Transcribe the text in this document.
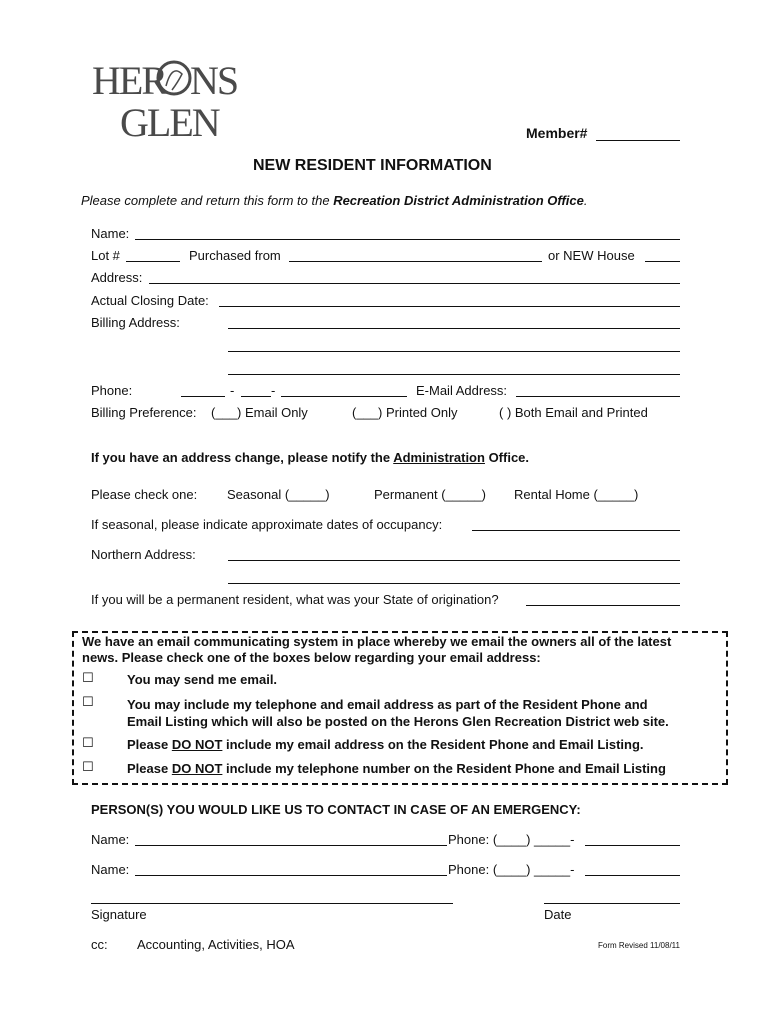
HER NS
GLEN	Member#
NEW RESIDENT INFORMATION
Please complete and return this form to the Recreation District Administration Office.
Name:
Lot #	Purchased from	or NEW House
Address:
Actual Closing Date:
Billing Address:
Phone:	-	-	E-Mail Address:
Billing Preference: (___) Email Only	(___) Printed Only	( ) Both Email and Printed
If you have an address change, please notify the Administration Office.
Please check one: Seasonal (_____)	Permanent (_____) Rental Home (_____)
If seasonal, please indicate approximate dates of occupancy:
Northern Address:
If you will be a permanent resident, what was your State of origination?
We have an email communicating system in place whereby we email the owners all of the latest
news. Please check one of the boxes below regarding your email address:
☐	You may send me email.
☐	You may include my telephone and email address as part of the Resident Phone and
Email Listing which will also be posted on the Herons Glen Recreation District web site.
☐	Please DO NOT include my email address on the Resident Phone and Email Listing.
☐	Please DO NOT include my telephone number on the Resident Phone and Email Listing
PERSON(S) YOU WOULD LIKE US TO CONTACT IN CASE OF AN EMERGENCY:
Name:	Phone: (____) _____-
Name:	Phone: (____) _____-
Signature	Date
cc: Accounting, Activities, HOA	Form Revised 11/08/11
